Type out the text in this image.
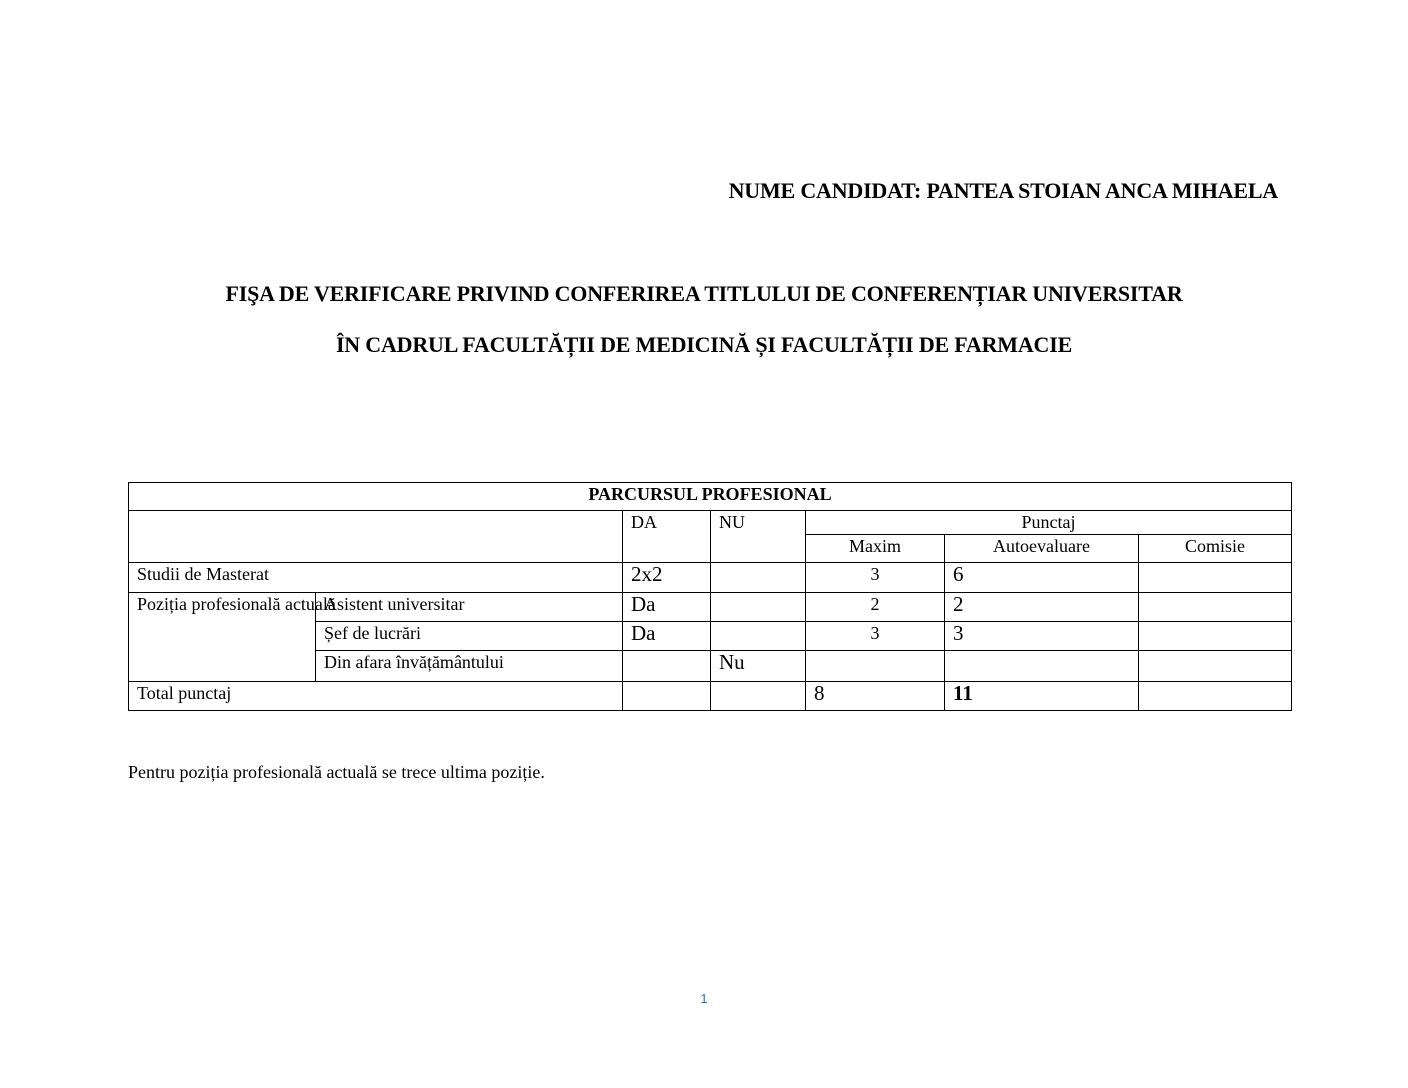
NUME CANDIDAT: PANTEA STOIAN ANCA MIHAELA
FIŞA DE VERIFICARE PRIVIND CONFERIREA TITLULUI DE CONFERENȚIAR UNIVERSITAR
ÎN CADRUL FACULTĂȚII DE MEDICINĂ ȘI FACULTĂȚII DE FARMACIE
PARCURSUL PROFESIONAL						
		DA	NU	Punctaj		
				Maxim	Autoevaluare	Comisie
Studii de Masterat		2x2		3	6	
Poziția profesională actuală	Asistent universitar	Da		2	2	
	Șef de lucrări	Da		3	3	
	Din afara învățământului		Nu			
Total punctaj				8	11	
Pentru poziția profesională actuală se trece ultima poziție.
1
